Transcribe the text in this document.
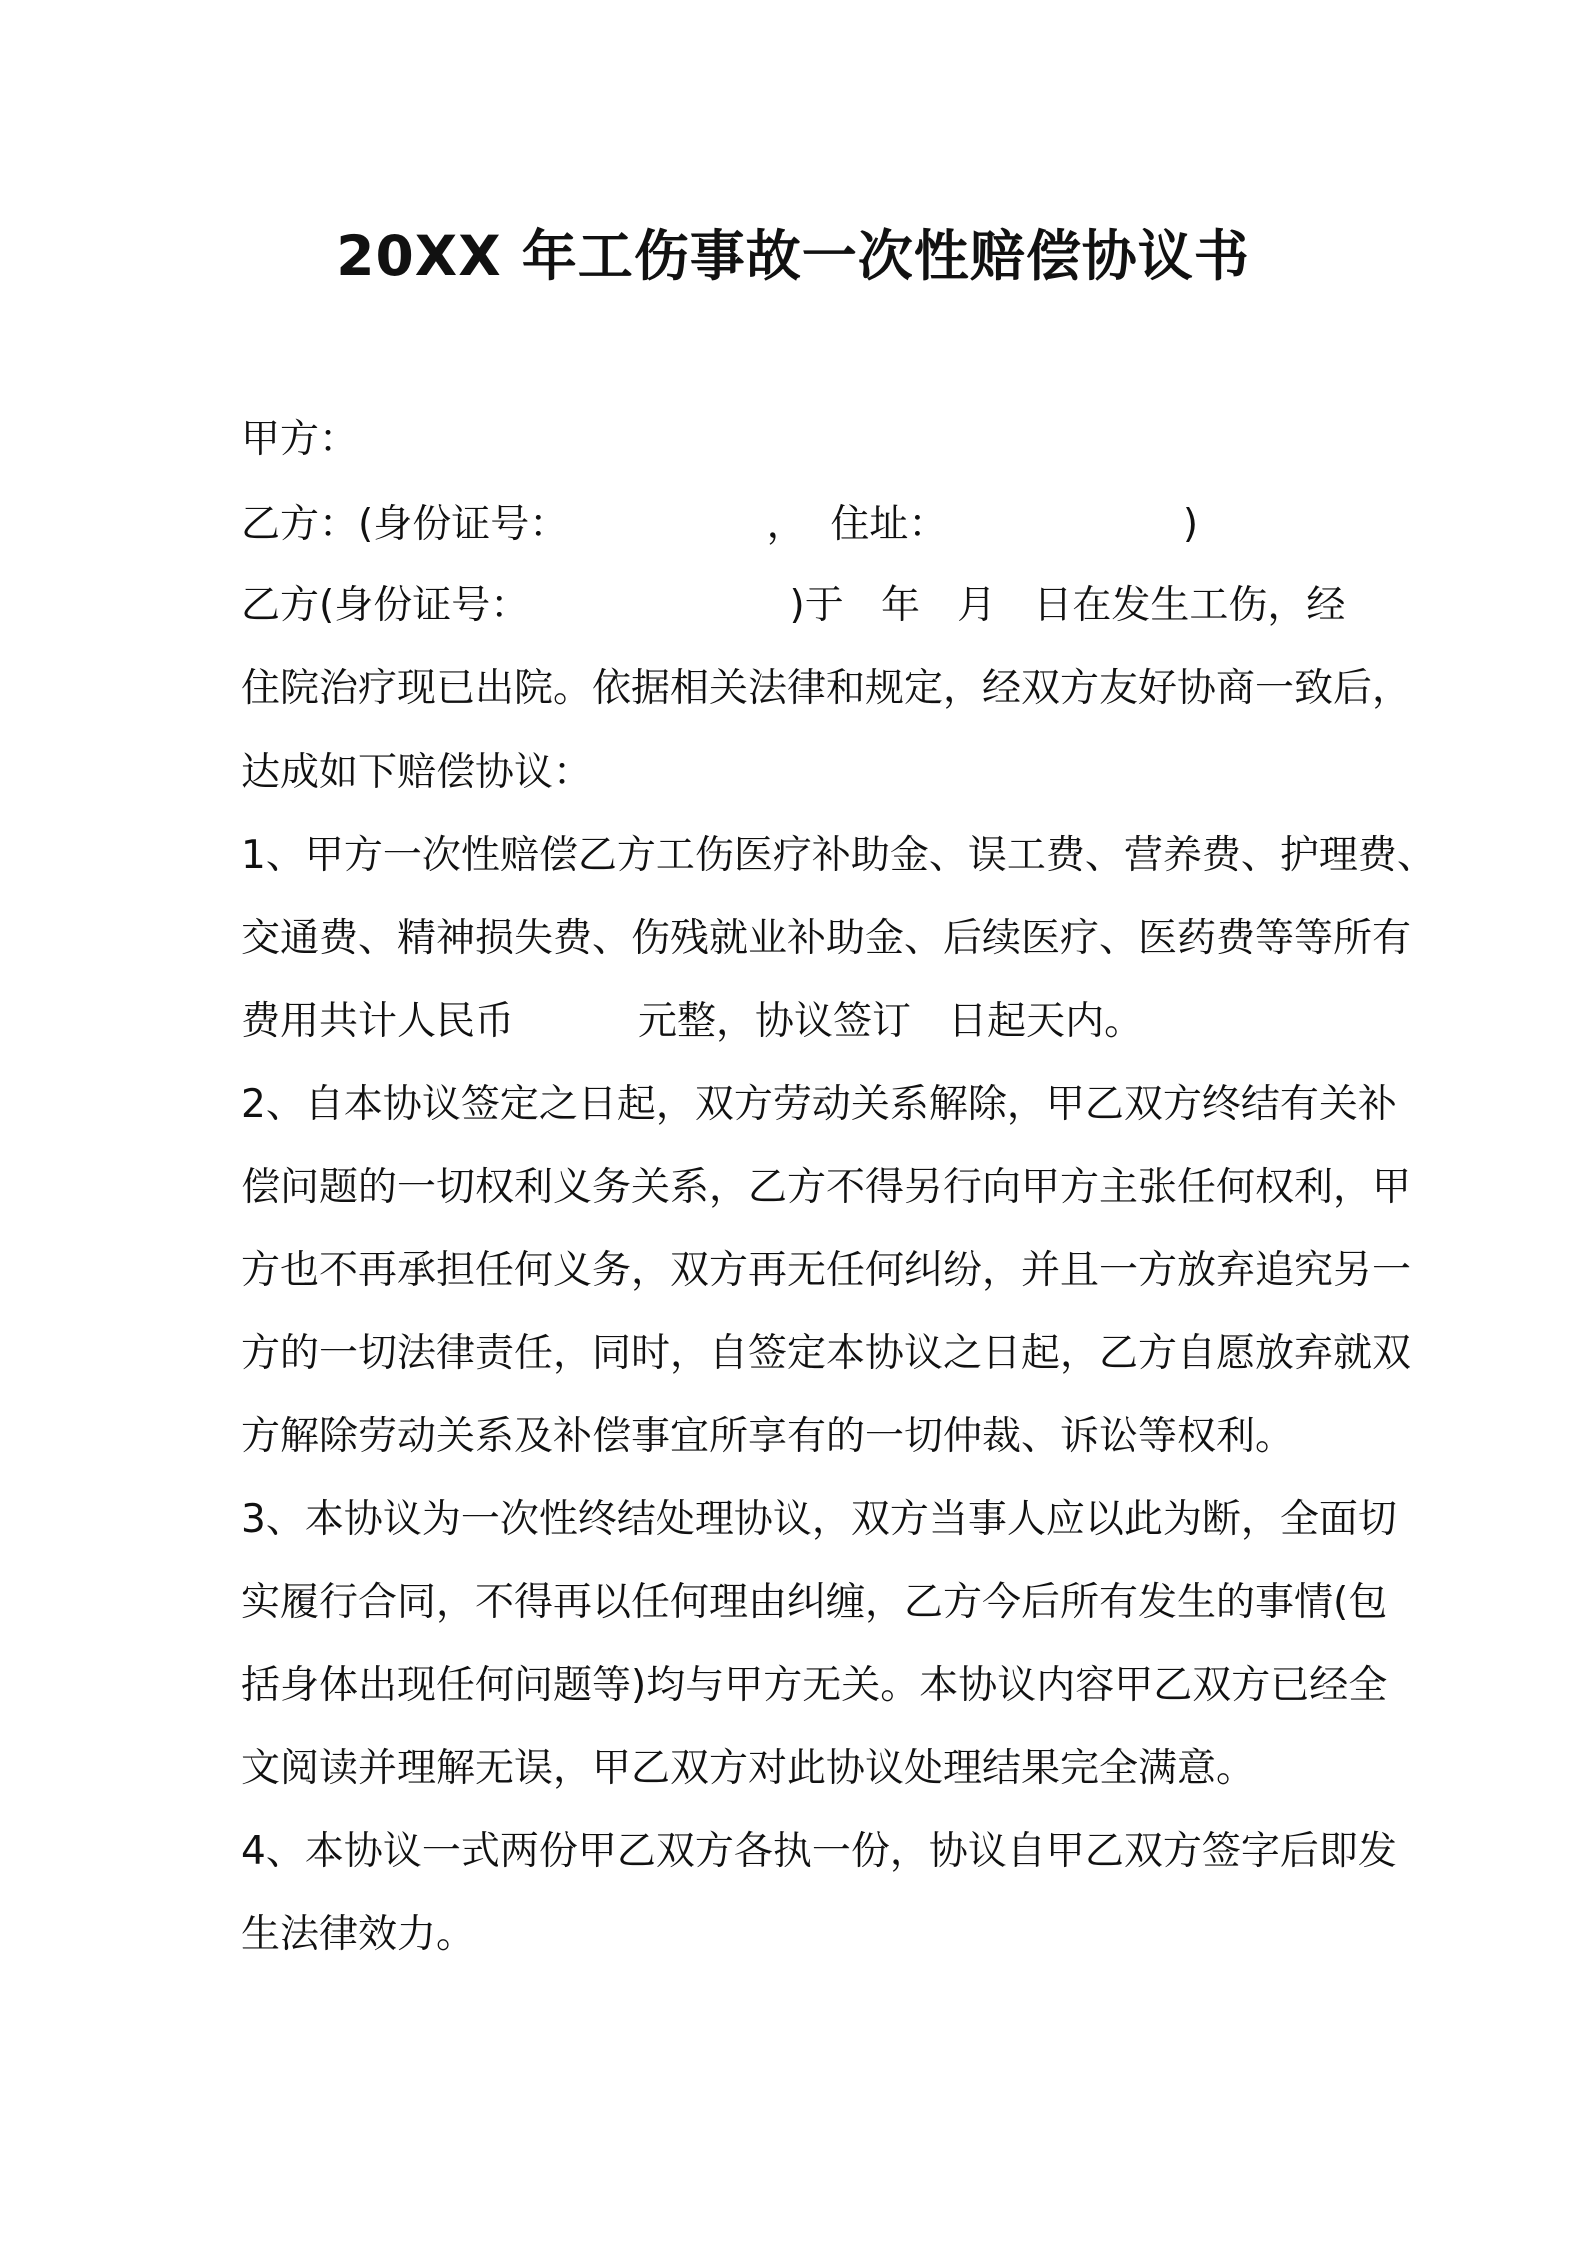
20XX 年工伤事故一次性赔偿协议书
甲方：
乙方：(身份证号：                ，  住址：                   )
乙方(身份证号：                     )于   年   月   日在发生工伤，经
住院治疗现已出院。依据相关法律和规定，经双方友好协商一致后，
达成如下赔偿协议：
1、甲方一次性赔偿乙方工伤医疗补助金、误工费、营养费、护理费、
交通费、精神损失费、伤残就业补助金、后续医疗、医药费等等所有
费用共计人民币          元整，协议签订   日起天内。
2、自本协议签定之日起，双方劳动关系解除，甲乙双方终结有关补
偿问题的一切权利义务关系，乙方不得另行向甲方主张任何权利，甲
方也不再承担任何义务，双方再无任何纠纷，并且一方放弃追究另一
方的一切法律责任，同时，自签定本协议之日起，乙方自愿放弃就双
方解除劳动关系及补偿事宜所享有的一切仲裁、诉讼等权利。
3、本协议为一次性终结处理协议，双方当事人应以此为断，全面切
实履行合同，不得再以任何理由纠缠，乙方今后所有发生的事情(包
括身体出现任何问题等)均与甲方无关。本协议内容甲乙双方已经全
文阅读并理解无误，甲乙双方对此协议处理结果完全满意。
4、本协议一式两份甲乙双方各执一份，协议自甲乙双方签字后即发
生法律效力。
